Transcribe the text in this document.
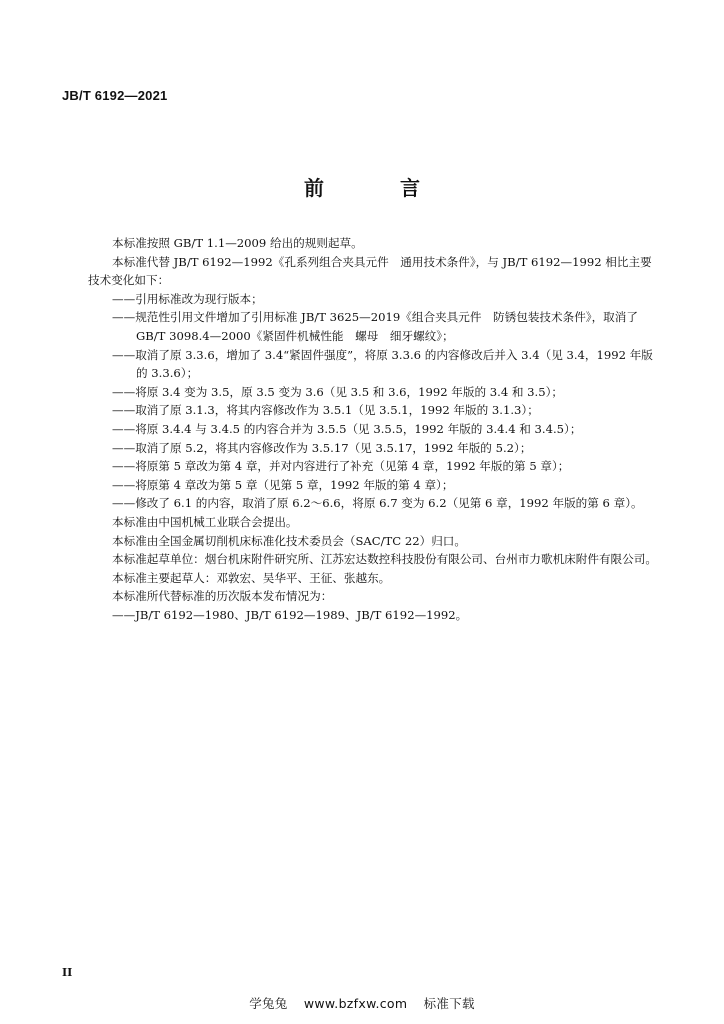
JB/T 6192—2021
前　言

本标准按照 GB/T 1.1—2009 给出的规则起草。

本标准代替 JB/T 6192—1992《孔系列组合夹具元件　通用技术条件》，与 JB/T 6192—1992 相比主要技术变化如下：

——引用标准改为现行版本；

——规范性引用文件增加了引用标准 JB/T 3625—2019《组合夹具元件　防锈包装技术条件》，取消了 GB/T 3098.4—2000《紧固件机械性能　螺母　细牙螺纹》；

——取消了原 3.3.6，增加了 3.4“紧固件强度”，将原 3.3.6 的内容修改后并入 3.4（见 3.4，1992 年版的 3.3.6）；

——将原 3.4 变为 3.5，原 3.5 变为 3.6（见 3.5 和 3.6，1992 年版的 3.4 和 3.5）；

——取消了原 3.1.3，将其内容修改作为 3.5.1（见 3.5.1，1992 年版的 3.1.3）；

——将原 3.4.4 与 3.4.5 的内容合并为 3.5.5（见 3.5.5，1992 年版的 3.4.4 和 3.4.5）；

——取消了原 5.2，将其内容修改作为 3.5.17（见 3.5.17，1992 年版的 5.2）；

——将原第 5 章改为第 4 章，并对内容进行了补充（见第 4 章，1992 年版的第 5 章）；

——将原第 4 章改为第 5 章（见第 5 章，1992 年版的第 4 章）；

——修改了 6.1 的内容，取消了原 6.2～6.6，将原 6.7 变为 6.2（见第 6 章，1992 年版的第 6 章）。

本标准由中国机械工业联合会提出。

本标准由全国金属切削机床标准化技术委员会（SAC/TC 22）归口。

本标准起草单位：烟台机床附件研究所、江苏宏达数控科技股份有限公司、台州市力歌机床附件有限公司。

本标准主要起草人：邓敦宏、吴华平、王征、张越东。

本标准所代替标准的历次版本发布情况为：

——JB/T 6192—1980、JB/T 6192—1989、JB/T 6192—1992。

II
学兔兔 www.bzfxw.com 标准下载
